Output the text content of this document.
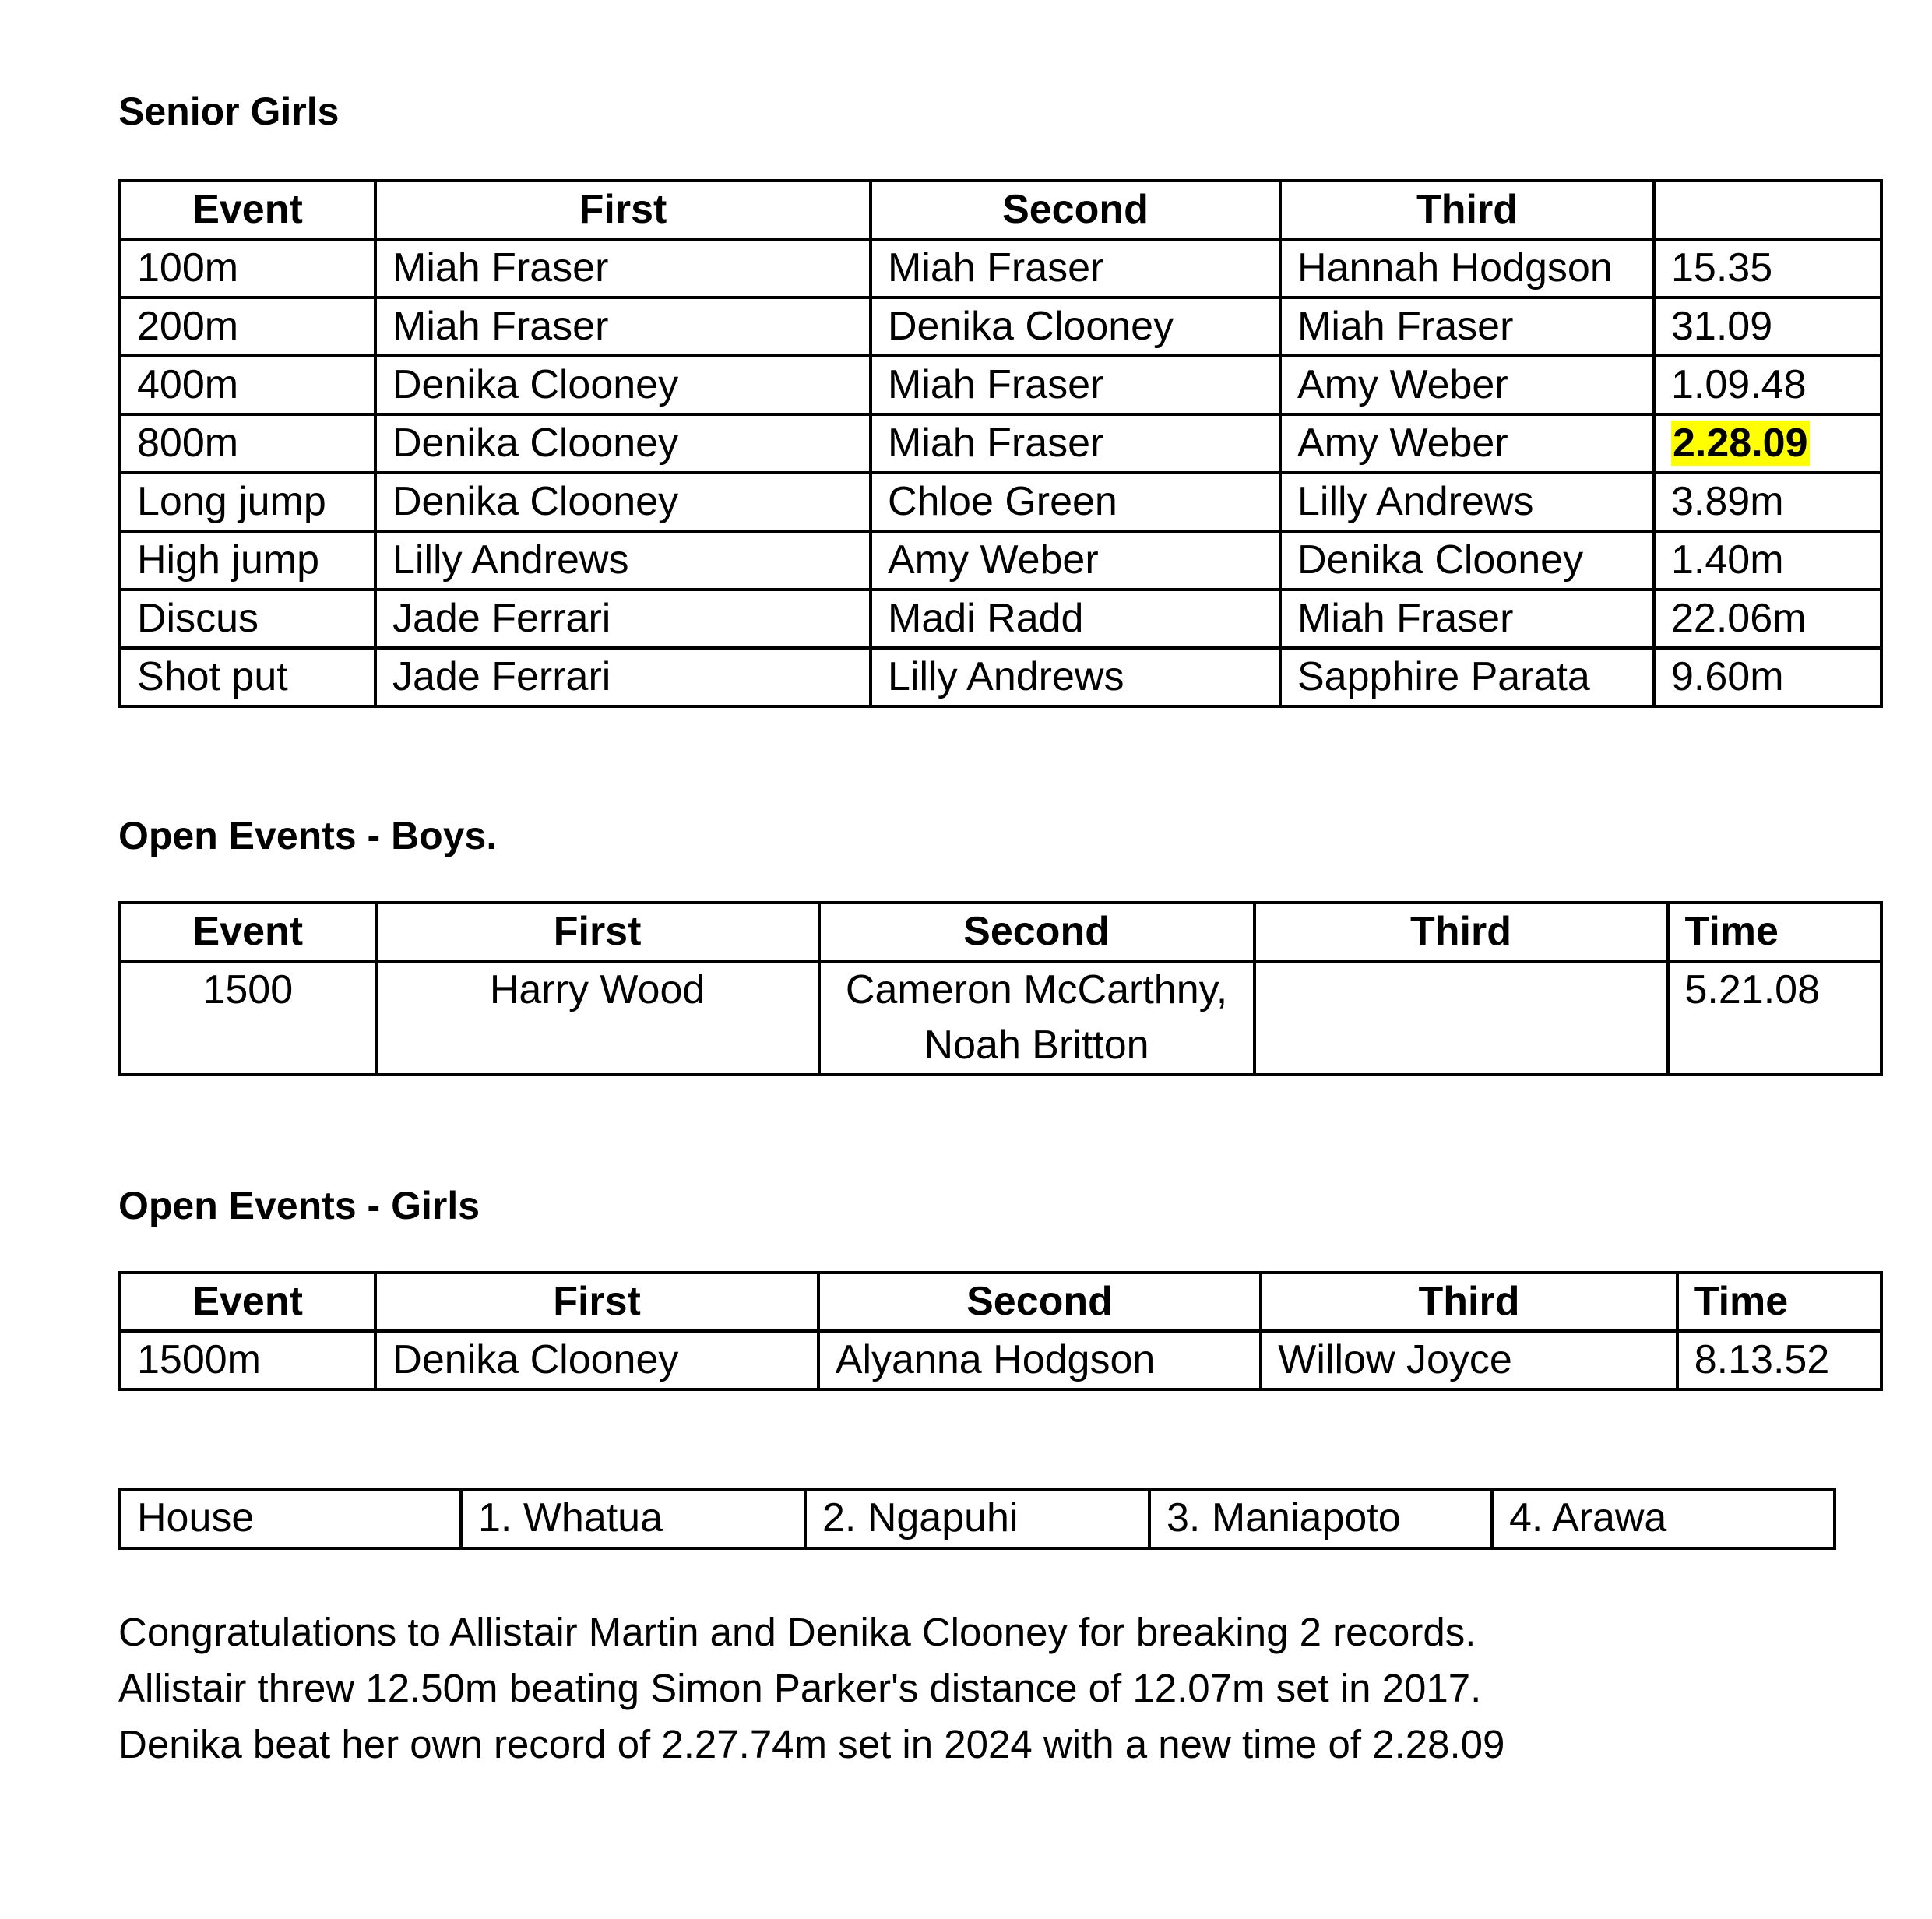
Senior Girls
Event	First	Second	Third	
100m	Miah Fraser	Miah Fraser	Hannah Hodgson	15.35
200m	Miah Fraser	Denika Clooney	Miah Fraser	31.09
400m	Denika Clooney	Miah Fraser	Amy Weber	1.09.48
800m	Denika Clooney	Miah Fraser	Amy Weber	2.28.09
Long jump	Denika Clooney	Chloe Green	Lilly Andrews	3.89m
High jump	Lilly Andrews	Amy Weber	Denika Clooney	1.40m
Discus	Jade Ferrari	Madi Radd	Miah Fraser	22.06m
Shot put	Jade Ferrari	Lilly Andrews	Sapphire Parata	9.60m
Open Events - Boys.
Event	First	Second	Third	Time
1500	Harry Wood	Cameron McCarthny, Noah Britton		5.21.08
Open Events - Girls
Event	First	Second	Third	Time
1500m	Denika Clooney	Alyanna Hodgson	Willow Joyce	8.13.52
House	1. Whatua	2. Ngapuhi	3. Maniapoto	4. Arawa

Congratulations to Allistair Martin and Denika Clooney for breaking 2 records.

Allistair threw 12.50m beating Simon Parker's distance of 12.07m set in 2017.

Denika beat her own record of 2.27.74m set in 2024 with a new time of 2.28.09
